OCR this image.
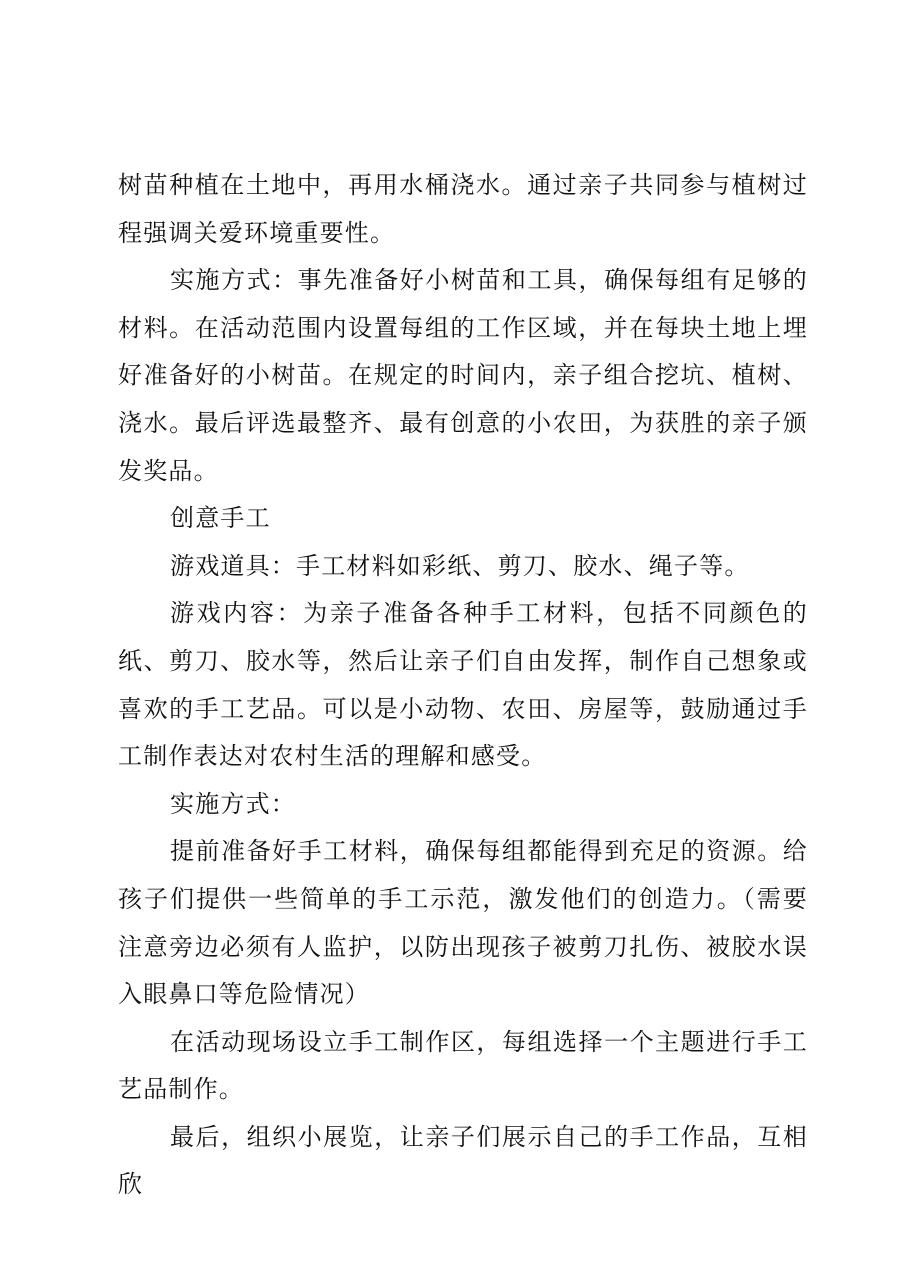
树苗种植在土地中，再用水桶浇水。通过亲子共同参与植树过程强调关爱环境重要性。

实施方式：事先准备好小树苗和工具，确保每组有足够的材料。在活动范围内设置每组的工作区域，并在每块土地上埋好准备好的小树苗。在规定的时间内，亲子组合挖坑、植树、浇水。最后评选最整齐、最有创意的小农田，为获胜的亲子颁发奖品。

创意手工

游戏道具：手工材料如彩纸、剪刀、胶水、绳子等。

游戏内容：为亲子准备各种手工材料，包括不同颜色的纸、剪刀、胶水等，然后让亲子们自由发挥，制作自己想象或喜欢的手工艺品。可以是小动物、农田、房屋等，鼓励通过手工制作表达对农村生活的理解和感受。

实施方式：

提前准备好手工材料，确保每组都能得到充足的资源。给孩子们提供一些简单的手工示范，激发他们的创造力。（需要注意旁边必须有人监护，以防出现孩子被剪刀扎伤、被胶水误入眼鼻口等危险情况）

在活动现场设立手工制作区，每组选择一个主题进行手工艺品制作。

最后，组织小展览，让亲子们展示自己的手工作品，互相欣
